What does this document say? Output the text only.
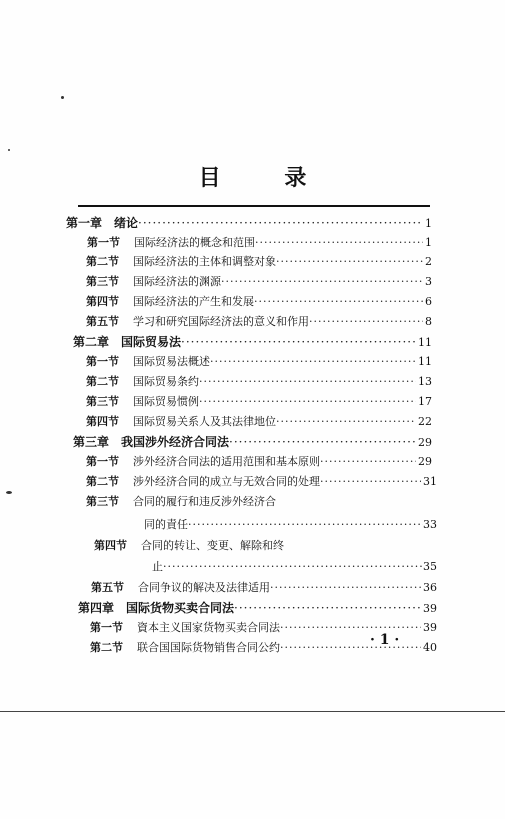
目 录
第一章 绪论 ·····	1
第一节 国际经济法的概念和范围 ·····	1
第二节 国际经济法的主体和调整对象 ·····	2
第三节 国际经济法的渊源 ·····	3
第四节 国际经济法的产生和发展 ·····	6
第五节 学习和研究国际经济法的意义和作用 ·····	8
第二章 国际贸易法 ·····	11
第一节 国际贸易法概述 ·····	11
第二节 国际贸易条约 ·····	13
第三节 国际贸易惯例 ·····	17
第四节 国际贸易关系人及其法律地位 ·····	22
第三章 我国涉外经济合同法 ·····	29
第一节 涉外经济合同法的适用范围和基本原则 ·····	29
第二节 涉外经济合同的成立与无效合同的处理 ·····	31
第三节 合同的履行和违反涉外经济合
同的責任 ·····	33
第四节 合同的转让、变更、解除和终
止 ·····	35
第五节 合同争议的解决及法律适用 ·····	36
第四章 国际货物买卖合同法 ·····	39
第一节 資本主义国家货物买卖合同法 ·····	39
第二节 联合国国际货物销售合同公约 ·····	40
· 1 ·
